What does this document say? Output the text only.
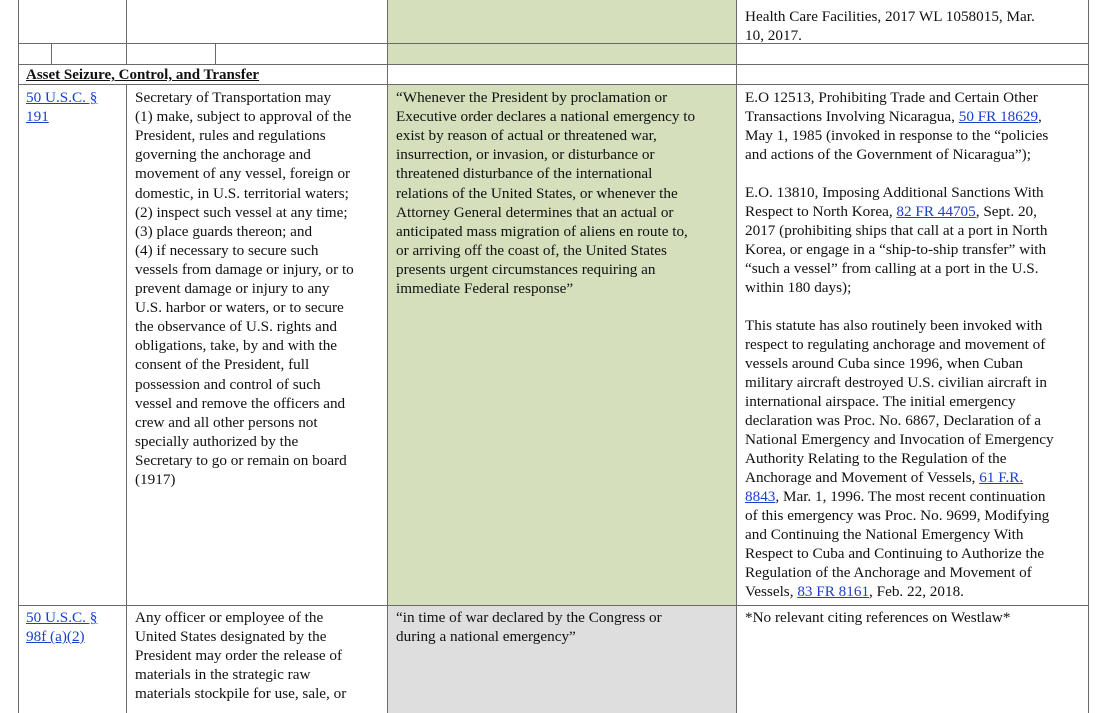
Health Care Facilities, 2017 WL 1058015, Mar.
10, 2017.
Asset Seizure, Control, and Transfer
50 U.S.C. §
191
Secretary of Transportation may
(1) make, subject to approval of the
President, rules and regulations
governing the anchorage and
movement of any vessel, foreign or
domestic, in U.S. territorial waters;
(2) inspect such vessel at any time;
(3) place guards thereon; and
(4) if necessary to secure such
vessels from damage or injury, or to
prevent damage or injury to any
U.S. harbor or waters, or to secure
the observance of U.S. rights and
obligations, take, by and with the
consent of the President, full
possession and control of such
vessel and remove the officers and
crew and all other persons not
specially authorized by the
Secretary to go or remain on board
(1917)
“Whenever the President by proclamation or
Executive order declares a national emergency to
exist by reason of actual or threatened war,
insurrection, or invasion, or disturbance or
threatened disturbance of the international
relations of the United States, or whenever the
Attorney General determines that an actual or
anticipated mass migration of aliens en route to,
or arriving off the coast of, the United States
presents urgent circumstances requiring an
immediate Federal response”
E.O 12513, Prohibiting Trade and Certain Other
Transactions Involving Nicaragua, 50 FR 18629,
May 1, 1985 (invoked in response to the “policies
and actions of the Government of Nicaragua”);
E.O. 13810, Imposing Additional Sanctions With
Respect to North Korea, 82 FR 44705, Sept. 20,
2017 (prohibiting ships that call at a port in North
Korea, or engage in a “ship-to-ship transfer” with
“such a vessel” from calling at a port in the U.S.
within 180 days);
This statute has also routinely been invoked with
respect to regulating anchorage and movement of
vessels around Cuba since 1996, when Cuban
military aircraft destroyed U.S. civilian aircraft in
international airspace. The initial emergency
declaration was Proc. No. 6867, Declaration of a
National Emergency and Invocation of Emergency
Authority Relating to the Regulation of the
Anchorage and Movement of Vessels, 61 F.R.
8843, Mar. 1, 1996. The most recent continuation
of this emergency was Proc. No. 9699, Modifying
and Continuing the National Emergency With
Respect to Cuba and Continuing to Authorize the
Regulation of the Anchorage and Movement of
Vessels, 83 FR 8161, Feb. 22, 2018.
50 U.S.C. §
98f (a)(2)
Any officer or employee of the
United States designated by the
President may order the release of
materials in the strategic raw
materials stockpile for use, sale, or
“in time of war declared by the Congress or
during a national emergency”
*No relevant citing references on Westlaw*
